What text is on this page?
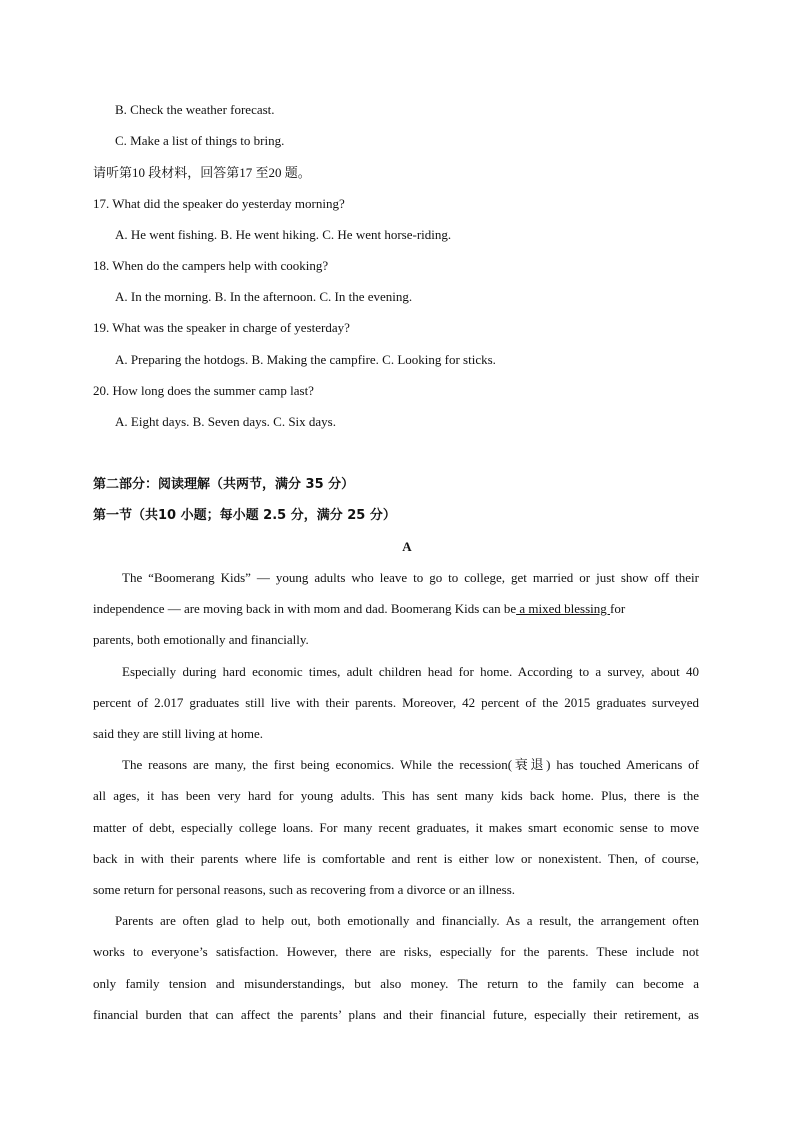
B. Check the weather forecast.
C. Make a list of things to bring.
请听第10 段材料，回答第17 至20 题。
17. What did the speaker do yesterday morning?
A. He went fishing. B. He went hiking. C. He went horse-riding.
18. When do the campers help with cooking?
A. In the morning. B. In the afternoon. C. In the evening.
19. What was the speaker in charge of yesterday?
A. Preparing the hotdogs. B. Making the campfire. C. Looking for sticks.
20. How long does the summer camp last?
A. Eight days. B. Seven days. C. Six days.
第二部分：阅读理解（共两节，满分 35 分）
第一节（共10 小题；每小题 2.5 分，满分 25 分）
A
The “Boomerang Kids” — young adults who leave to go to college, get married or just show off their
independence — are moving back in with mom and dad. Boomerang Kids can be a mixed blessing for
parents, both emotionally and financially.
Especially during hard economic times, adult children head for home. According to a survey, about 40
percent of 2.017 graduates still live with their parents. Moreover, 42 percent of the 2015 graduates surveyed
said they are still living at home.
The reasons are many, the first being economics. While the recession(衰退) has touched Americans of
all ages, it has been very hard for young adults. This has sent many kids back home. Plus, there is the
matter of debt, especially college loans. For many recent graduates, it makes smart economic sense to move
back in with their parents where life is comfortable and rent is either low or nonexistent. Then, of course,
some return for personal reasons, such as recovering from a divorce or an illness.
Parents are often glad to help out, both emotionally and financially. As a result, the arrangement often
works to everyone’s satisfaction. However, there are risks, especially for the parents. These include not
only family tension and misunderstandings, but also money. The return to the family can become a
financial burden that can affect the parents’ plans and their financial future, especially their retirement, as
